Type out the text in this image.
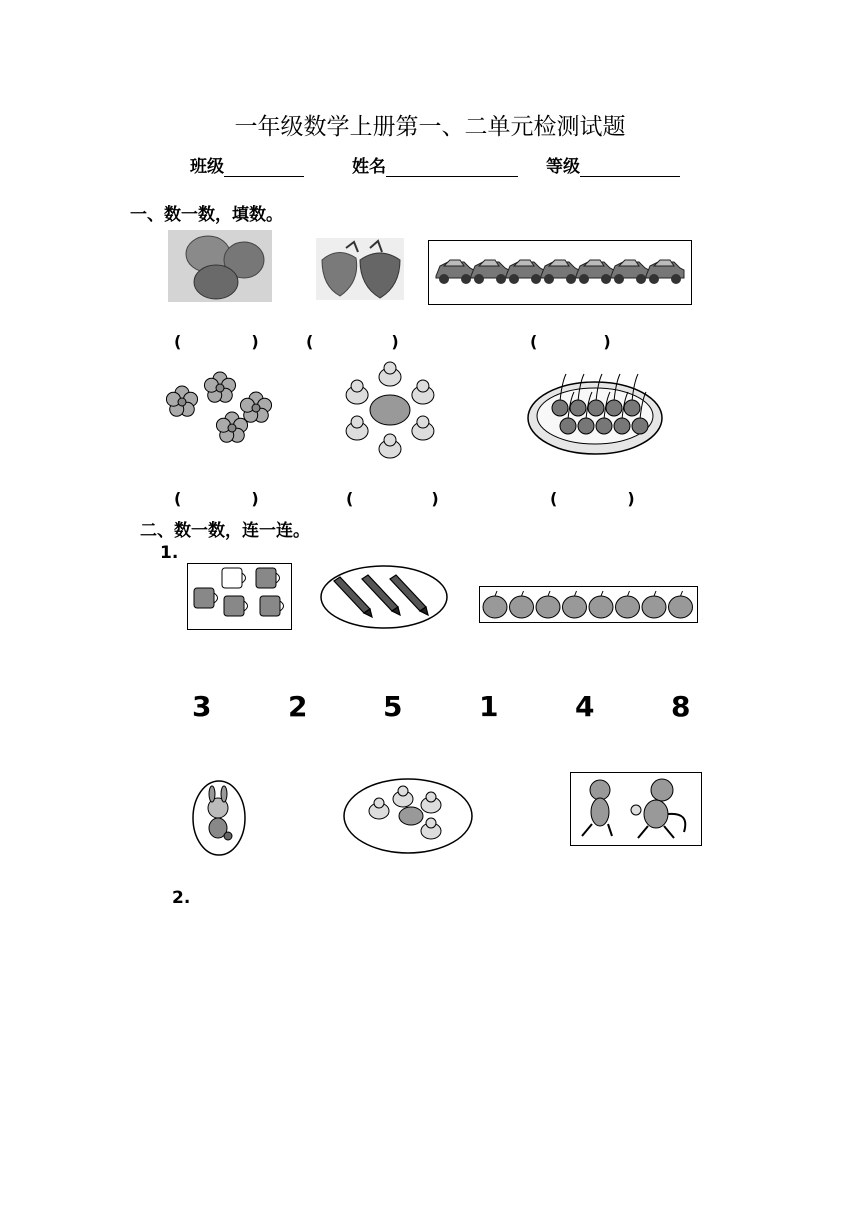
一年级数学上册第一、二单元检测试题
班级	姓名	等级
一、数一数，填数。
(	)	(	)	(	)
(	)	(	)	(	)
二、数一数，连一连。
1.
3	2	5	1	4	8
2.
